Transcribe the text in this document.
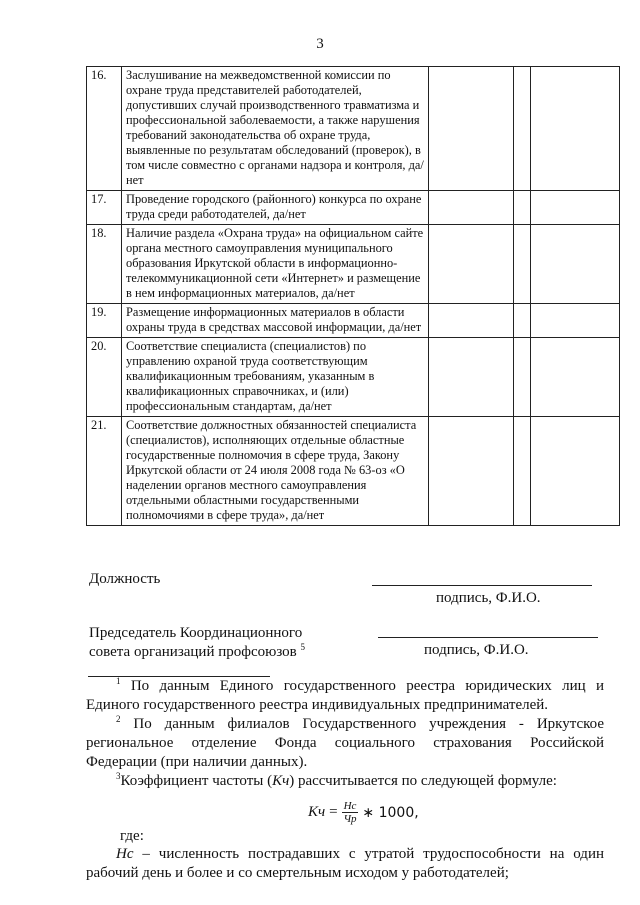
3
16.	Заслушивание на межведомственной комиссии по охране труда представителей работодателей, допустивших случай производственного травматизма и профессиональной заболеваемости, а также нарушения требований законодательства об охране труда, выявленные по результатам обследований (проверок), в том числе совместно с органами надзора и контроля, да/нет			
17.	Проведение городского (районного) конкурса по охране труда среди работодателей, да/нет			
18.	Наличие раздела «Охрана труда» на официальном сайте органа местного самоуправления муниципального образования Иркутской области в информационно-телекоммуникационной сети «Интернет» и размещение в нем информационных материалов, да/нет			
19.	Размещение информационных материалов в области охраны труда в средствах массовой информации, да/нет			
20.	Соответствие специалиста (специалистов) по управлению охраной труда соответствующим квалификационным требованиям, указанным в квалификационных справочниках, и (или) профессиональным стандартам, да/нет			
21.	Соответствие должностных обязанностей специалиста (специалистов), исполняющих отдельные областные государственные полномочия в сфере труда, Закону Иркутской области от 24 июля 2008 года № 63-оз «О наделении органов местного самоуправления отдельными областными государственными полномочиями в сфере труда», да/нет			
Должность
подпись, Ф.И.О.
Председатель Координационного
совета организаций профсоюзов $^5$	подпись, Ф.И.О.

$^1$ По данным Единого государственного реестра юридических лиц и Единого государственного реестра индивидуальных предпринимателей.

$^2$ По данным филиалов Государственного учреждения - Иркутское региональное отделение Фонда социального страхования Российской Федерации (при наличии данных).

$^3$Коэффициент частоты (Кч) рассчитывается по следующей формуле:

Кч = $\frac{Нс}{Чр}$ ∗ 1000,
где:
Нс – численность пострадавших с утратой трудоспособности на один рабочий день и более и со смертельным исходом у работодателей;
